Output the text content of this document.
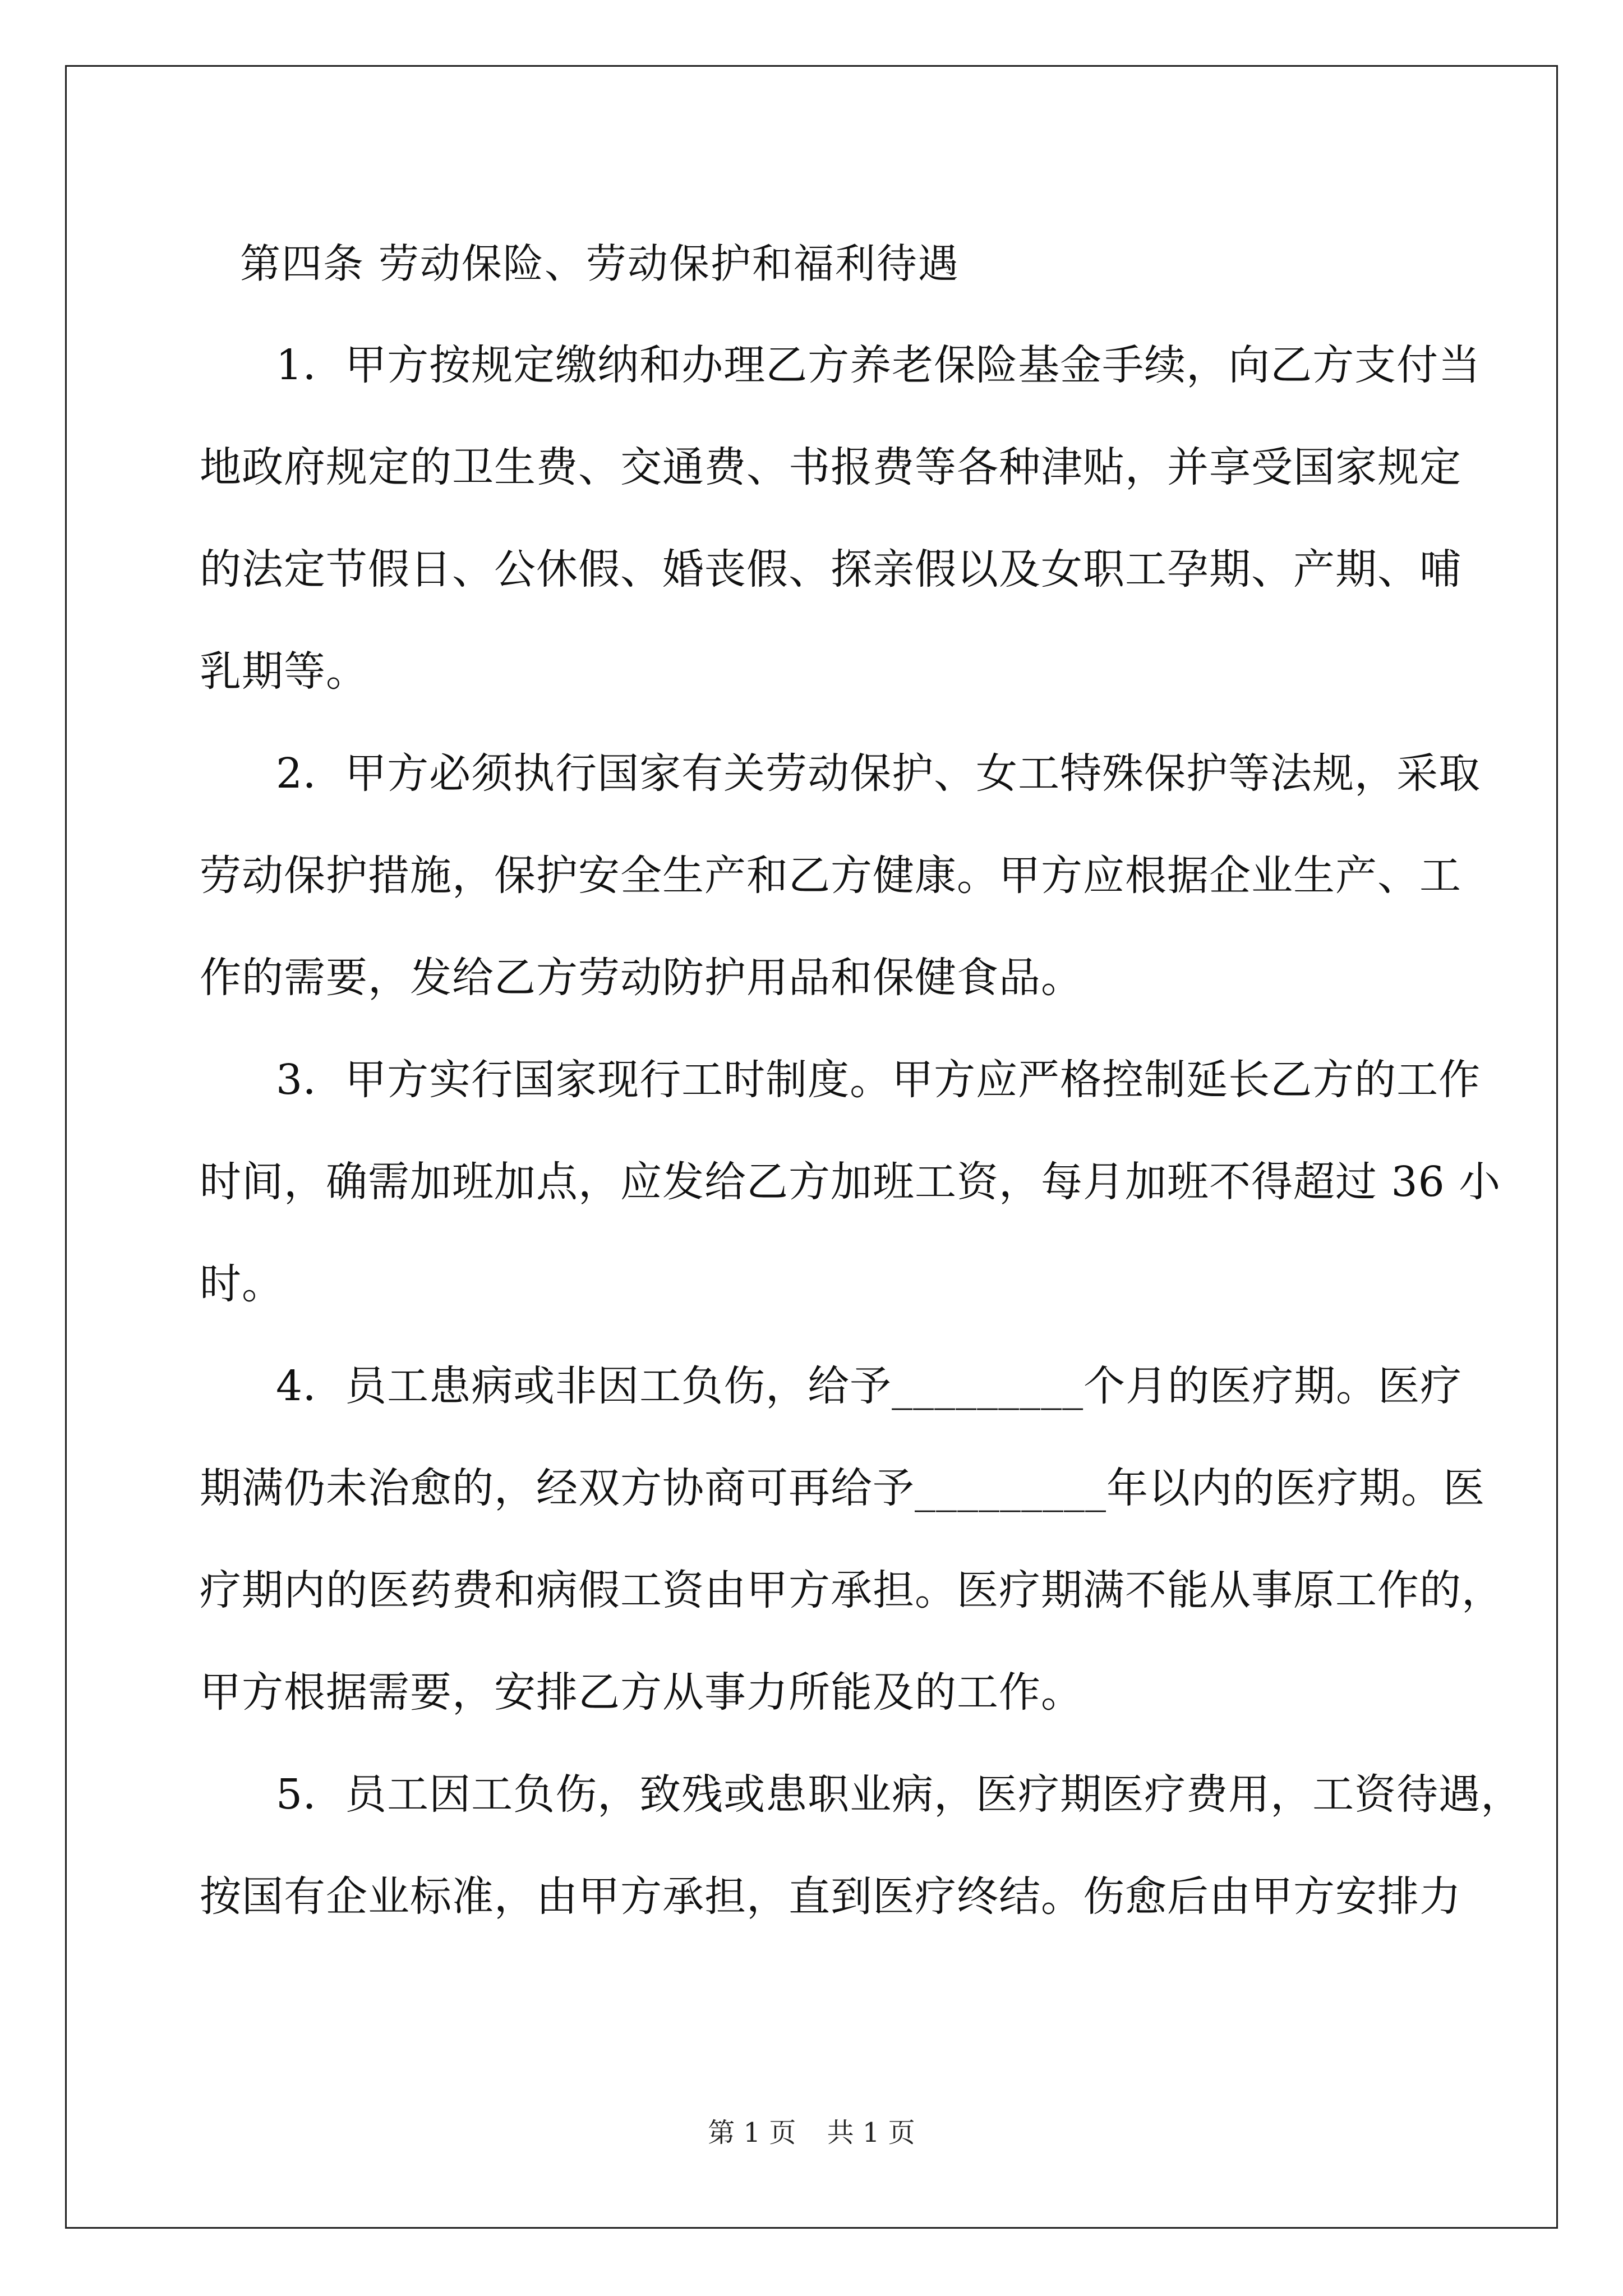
第四条 劳动保险、劳动保护和福利待遇
1．甲方按规定缴纳和办理乙方养老保险基金手续，向乙方支付当
地政府规定的卫生费、交通费、书报费等各种津贴，并享受国家规定
的法定节假日、公休假、婚丧假、探亲假以及女职工孕期、产期、哺
乳期等。
2．甲方必须执行国家有关劳动保护、女工特殊保护等法规，采取
劳动保护措施，保护安全生产和乙方健康。甲方应根据企业生产、工
作的需要，发给乙方劳动防护用品和保健食品。
3．甲方实行国家现行工时制度。甲方应严格控制延长乙方的工作
时间，确需加班加点，应发给乙方加班工资，每月加班不得超过 36 小
时。
4．员工患病或非因工负伤，给予_________个月的医疗期。医疗
期满仍未治愈的，经双方协商可再给予_________年以内的医疗期。医
疗期内的医药费和病假工资由甲方承担。医疗期满不能从事原工作的，
甲方根据需要，安排乙方从事力所能及的工作。
5．员工因工负伤，致残或患职业病，医疗期医疗费用，工资待遇，
按国有企业标准，由甲方承担，直到医疗终结。伤愈后由甲方安排力
第 1 页 共 1 页
